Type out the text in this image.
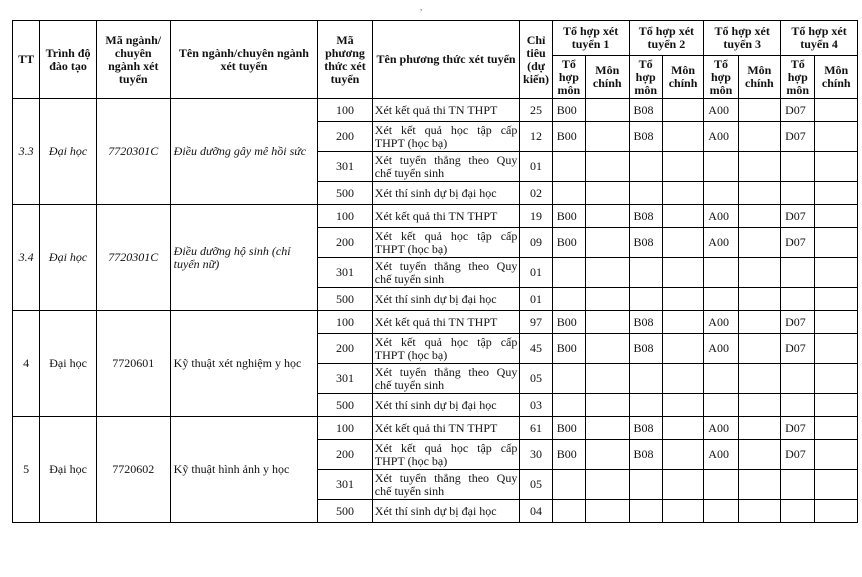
,
TT	Trình độ đào tạo	Mã ngành/ chuyên ngành xét tuyển	Tên ngành/chuyên ngành xét tuyển	Mã phương thức xét tuyển	Tên phương thức xét tuyển	Chỉ tiêu (dự kiến)	Tổ hợp xét tuyển 1		Tổ hợp xét tuyển 2		Tổ hợp xét tuyển 3		Tổ hợp xét tuyển 4	
							Tổ hợp môn	Môn chính	Tổ hợp môn	Môn chính	Tổ hợp môn	Môn chính	Tổ hợp môn	Môn chính
3.3	Đại học	7720301C	Điều dưỡng gây mê hồi sức	100	Xét kết quả thi TN THPT	25	B00		B08		A00		D07	
				200	Xét kết quả học tập cấp THPT (học bạ)	12	B00		B08		A00		D07	
				301	Xét tuyển thẳng theo Quy chế tuyển sinh	01								
				500	Xét thí sinh dự bị đại học	02								
3.4	Đại học	7720301C	Điều dưỡng hộ sinh (chỉ tuyển nữ)	100	Xét kết quả thi TN THPT	19	B00		B08		A00		D07	
				200	Xét kết quả học tập cấp THPT (học bạ)	09	B00		B08		A00		D07	
				301	Xét tuyển thẳng theo Quy chế tuyển sinh	01								
				500	Xét thí sinh dự bị đại học	01								
4	Đại học	7720601	Kỹ thuật xét nghiệm y học	100	Xét kết quả thi TN THPT	97	B00		B08		A00		D07	
				200	Xét kết quả học tập cấp THPT (học bạ)	45	B00		B08		A00		D07	
				301	Xét tuyển thẳng theo Quy chế tuyển sinh	05								
				500	Xét thí sinh dự bị đại học	03								
5	Đại học	7720602	Kỹ thuật hình ảnh y học	100	Xét kết quả thi TN THPT	61	B00		B08		A00		D07	
				200	Xét kết quả học tập cấp THPT (học bạ)	30	B00		B08		A00		D07	
				301	Xét tuyển thẳng theo Quy chế tuyển sinh	05								
				500	Xét thí sinh dự bị đại học	04								
